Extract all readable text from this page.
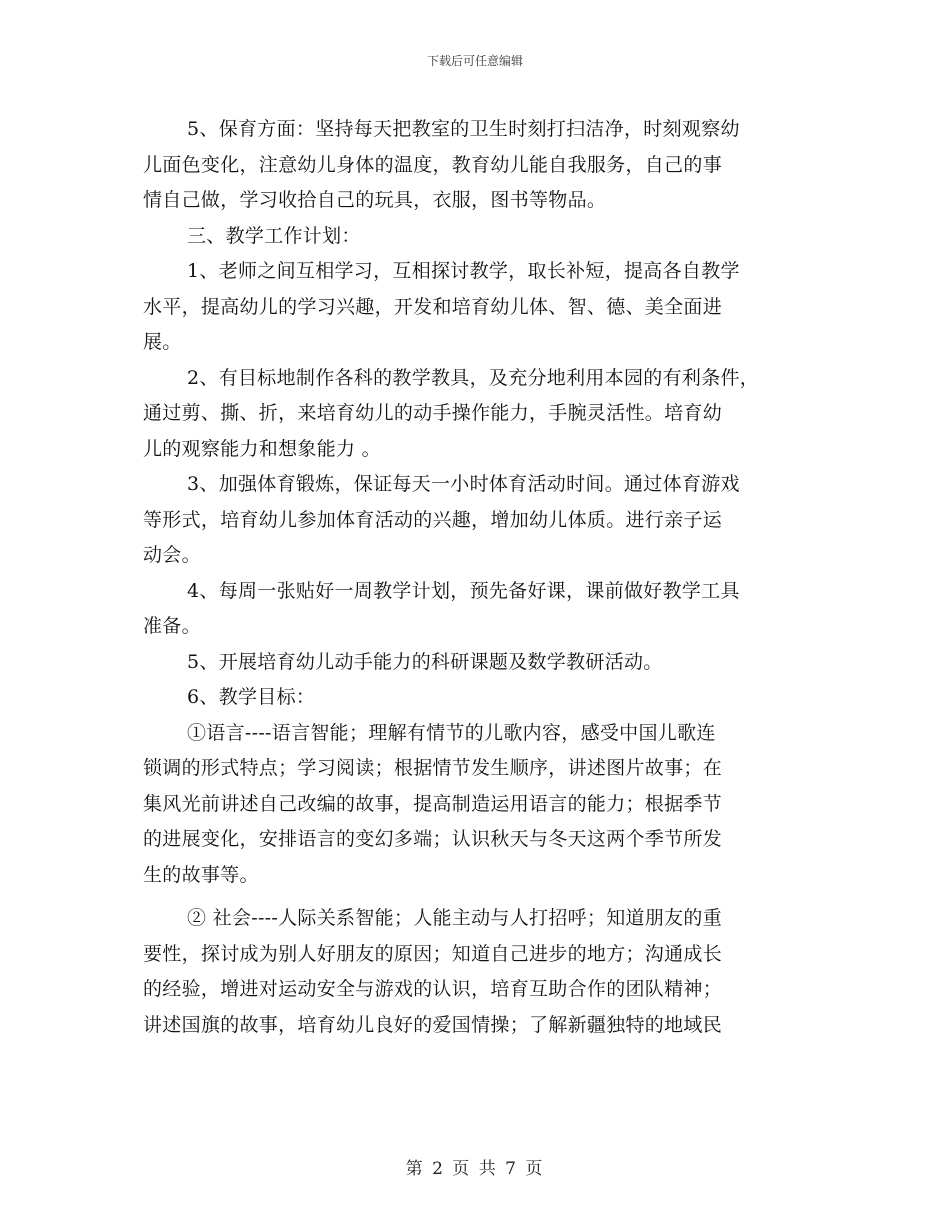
下载后可任意编辑

5、保育方面：坚持每天把教室的卫生时刻打扫洁净，时刻观察幼
儿面色变化，注意幼儿身体的温度，教育幼儿能自我服务，自己的事
情自己做，学习收拾自己的玩具，衣服，图书等物品。

三、教学工作计划：

1、老师之间互相学习，互相探讨教学，取长补短，提高各自教学
水平，提高幼儿的学习兴趣，开发和培育幼儿体、智、德、美全面进
展。

2、有目标地制作各科的教学教具，及充分地利用本园的有利条件，
通过剪、撕、折，来培育幼儿的动手操作能力，手腕灵活性。培育幼
儿的观察能力和想象能力 。

3、加强体育锻炼，保证每天一小时体育活动时间。通过体育游戏
等形式，培育幼儿参加体育活动的兴趣，增加幼儿体质。进行亲子运
动会。

4、每周一张贴好一周教学计划，预先备好课，课前做好教学工具
准备。

5、开展培育幼儿动手能力的科研课题及数学教研活动。

6、教学目标：

①语言----语言智能；理解有情节的儿歌内容，感受中国儿歌连
锁调的形式特点；学习阅读；根据情节发生顺序，讲述图片故事；在
集风光前讲述自己改编的故事，提高制造运用语言的能力；根据季节
的进展变化，安排语言的变幻多端；认识秋天与冬天这两个季节所发
生的故事等。

② 社会----人际关系智能；人能主动与人打招呼；知道朋友的重
要性，探讨成为别人好朋友的原因；知道自己进步的地方；沟通成长
的经验，增进对运动安全与游戏的认识，培育互助合作的团队精神；
讲述国旗的故事，培育幼儿良好的爱国情操；了解新疆独特的地域民

第 2 页 共 7 页
